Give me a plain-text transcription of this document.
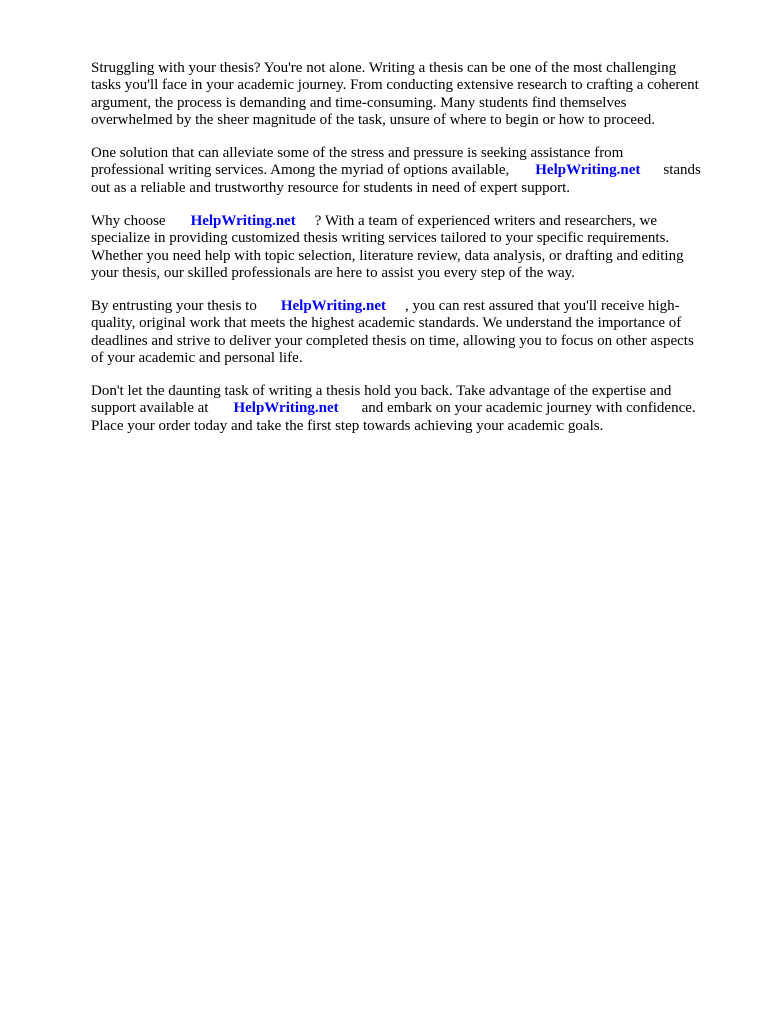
Struggling with your thesis? You're not alone. Writing a thesis can be one of the most challenging
tasks you'll face in your academic journey. From conducting extensive research to crafting a coherent
argument, the process is demanding and time-consuming. Many students find themselves
overwhelmed by the sheer magnitude of the task, unsure of where to begin or how to proceed.

One solution that can alleviate some of the stress and pressure is seeking assistance from
professional writing services. Among the myriad of options available, HelpWriting.net stands
out as a reliable and trustworthy resource for students in need of expert support.

Why choose HelpWriting.net ? With a team of experienced writers and researchers, we
specialize in providing customized thesis writing services tailored to your specific requirements.
Whether you need help with topic selection, literature review, data analysis, or drafting and editing
your thesis, our skilled professionals are here to assist you every step of the way.

By entrusting your thesis to HelpWriting.net , you can rest assured that you'll receive high-
quality, original work that meets the highest academic standards. We understand the importance of
deadlines and strive to deliver your completed thesis on time, allowing you to focus on other aspects
of your academic and personal life.

Don't let the daunting task of writing a thesis hold you back. Take advantage of the expertise and
support available at HelpWriting.net and embark on your academic journey with confidence.
Place your order today and take the first step towards achieving your academic goals.
